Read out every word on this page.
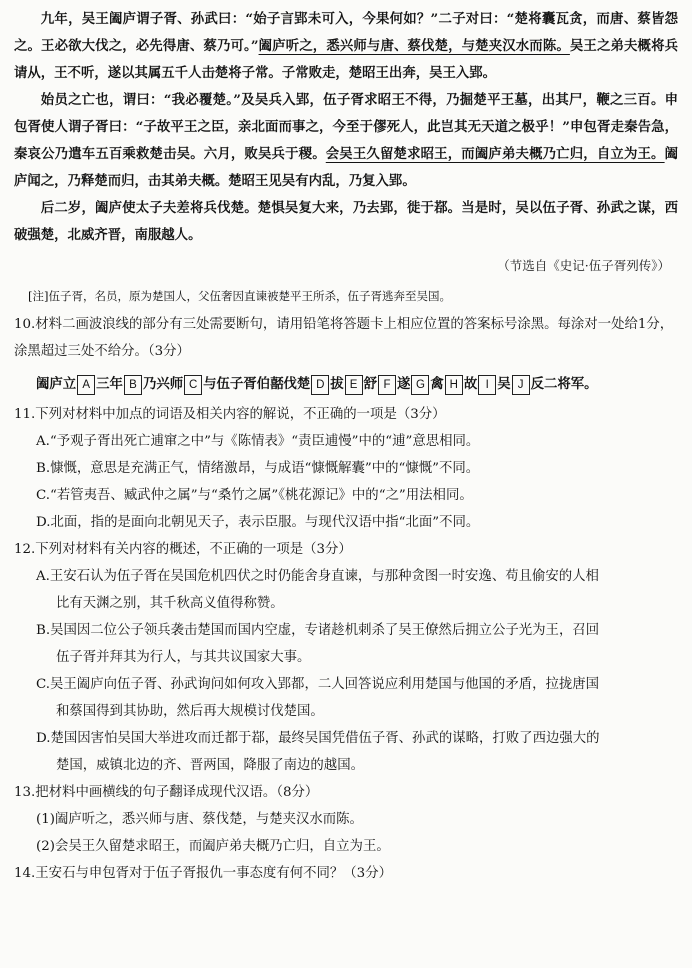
九年，吴王阖庐谓子胥、孙武曰：“始子言郢未可入，今果何如？”二子对曰：“楚将囊瓦贪，而唐、蔡皆怨之。王必欲大伐之，必先得唐、蔡乃可。”阖庐听之，悉兴师与唐、蔡伐楚，与楚夹汉水而陈。吴王之弟夫概将兵请从，王不听，遂以其属五千人击楚将子常。子常败走，楚昭王出奔，吴王入郢。

始员之亡也，谓曰：“我必覆楚。”及吴兵入郢，伍子胥求昭王不得，乃掘楚平王墓，出其尸，鞭之三百。申包胥使人谓子胥曰：“子故平王之臣，亲北面而事之，今至于僇死人，此岂其无天道之极乎！”申包胥走秦告急，秦哀公乃遣车五百乘救楚击吴。六月，败吴兵于稷。会吴王久留楚求昭王，而阖庐弟夫概乃亡归，自立为王。阖庐闻之，乃释楚而归，击其弟夫概。楚昭王见吴有内乱，乃复入郢。

后二岁，阖庐使太子夫差将兵伐楚。楚惧吴复大来，乃去郢，徙于鄀。当是时，吴以伍子胥、孙武之谋，西破强楚，北威齐晋，南服越人。

（节选自《史记·伍子胥列传》）
[注]伍子胥，名员，原为楚国人，父伍奢因直谏被楚平王所杀，伍子胥逃奔至吴国。

10.材料二画波浪线的部分有三处需要断句，请用铅笔将答题卡上相应位置的答案标号涂黑。每涂对一处给1分，涂黑超过三处不给分。（3分）

阖庐立 A 三年 B 乃兴师 C 与伍子胥伯嚭伐楚 D 拔 E 舒 F 遂 G 禽 H 故 I 吴 J 反二将军。

11.下列对材料中加点的词语及相关内容的解说，不正确的一项是（3分）

A.“予观子胥出死亡逋窜之中”与《陈情表》“责臣逋慢”中的“逋”意思相同。

B.慷慨，意思是充满正气，情绪激昂，与成语“慷慨解囊”中的“慷慨”不同。

C.“若管夷吾、臧武仲之属”与“桑竹之属”《桃花源记》中的“之”用法相同。

D.北面，指的是面向北朝见天子，表示臣服。与现代汉语中指“北面”不同。

12.下列对材料有关内容的概述，不正确的一项是（3分）

A.王安石认为伍子胥在吴国危机四伏之时仍能舍身直谏，与那种贪图一时安逸、苟且偷安的人相
比有天渊之别，其千秋高义值得称赞。
B.吴国因二位公子领兵袭击楚国而国内空虚，专诸趁机刺杀了吴王僚然后拥立公子光为王，召回
伍子胥并拜其为行人，与其共议国家大事。
C.吴王阖庐向伍子胥、孙武询问如何攻入郢都，二人回答说应利用楚国与他国的矛盾，拉拢唐国
和蔡国得到其协助，然后再大规模讨伐楚国。
D.楚国因害怕吴国大举进攻而迁都于鄀，最终吴国凭借伍子胥、孙武的谋略，打败了西边强大的
楚国，威镇北边的齐、晋两国，降服了南边的越国。

13.把材料中画横线的句子翻译成现代汉语。（8分）

(1)阖庐听之，悉兴师与唐、蔡伐楚，与楚夹汉水而陈。

(2)会吴王久留楚求昭王，而阖庐弟夫概乃亡归，自立为王。

14.王安石与申包胥对于伍子胥报仇一事态度有何不同？（3分）
